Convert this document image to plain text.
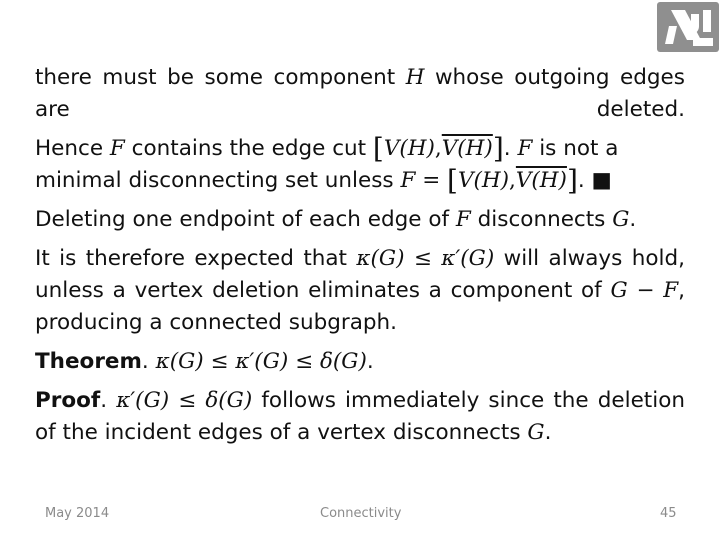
there must be some component H whose outgoing edges are deleted.

Hence F contains the edge cut [V(H),V(H)]. F is not a minimal disconnecting set unless F = [V(H),V(H)]. ■

Deleting one endpoint of each edge of F disconnects G.

It is therefore expected that κ(G) ≤ κ′(G) will always hold, unless a vertex deletion eliminates a component of G − F, producing a connected subgraph.

Theorem. κ(G) ≤ κ′(G) ≤ δ(G).

Proof. κ′(G) ≤ δ(G) follows immediately since the deletion of the incident edges of a vertex disconnects G.

May 2014	Connectivity	45
